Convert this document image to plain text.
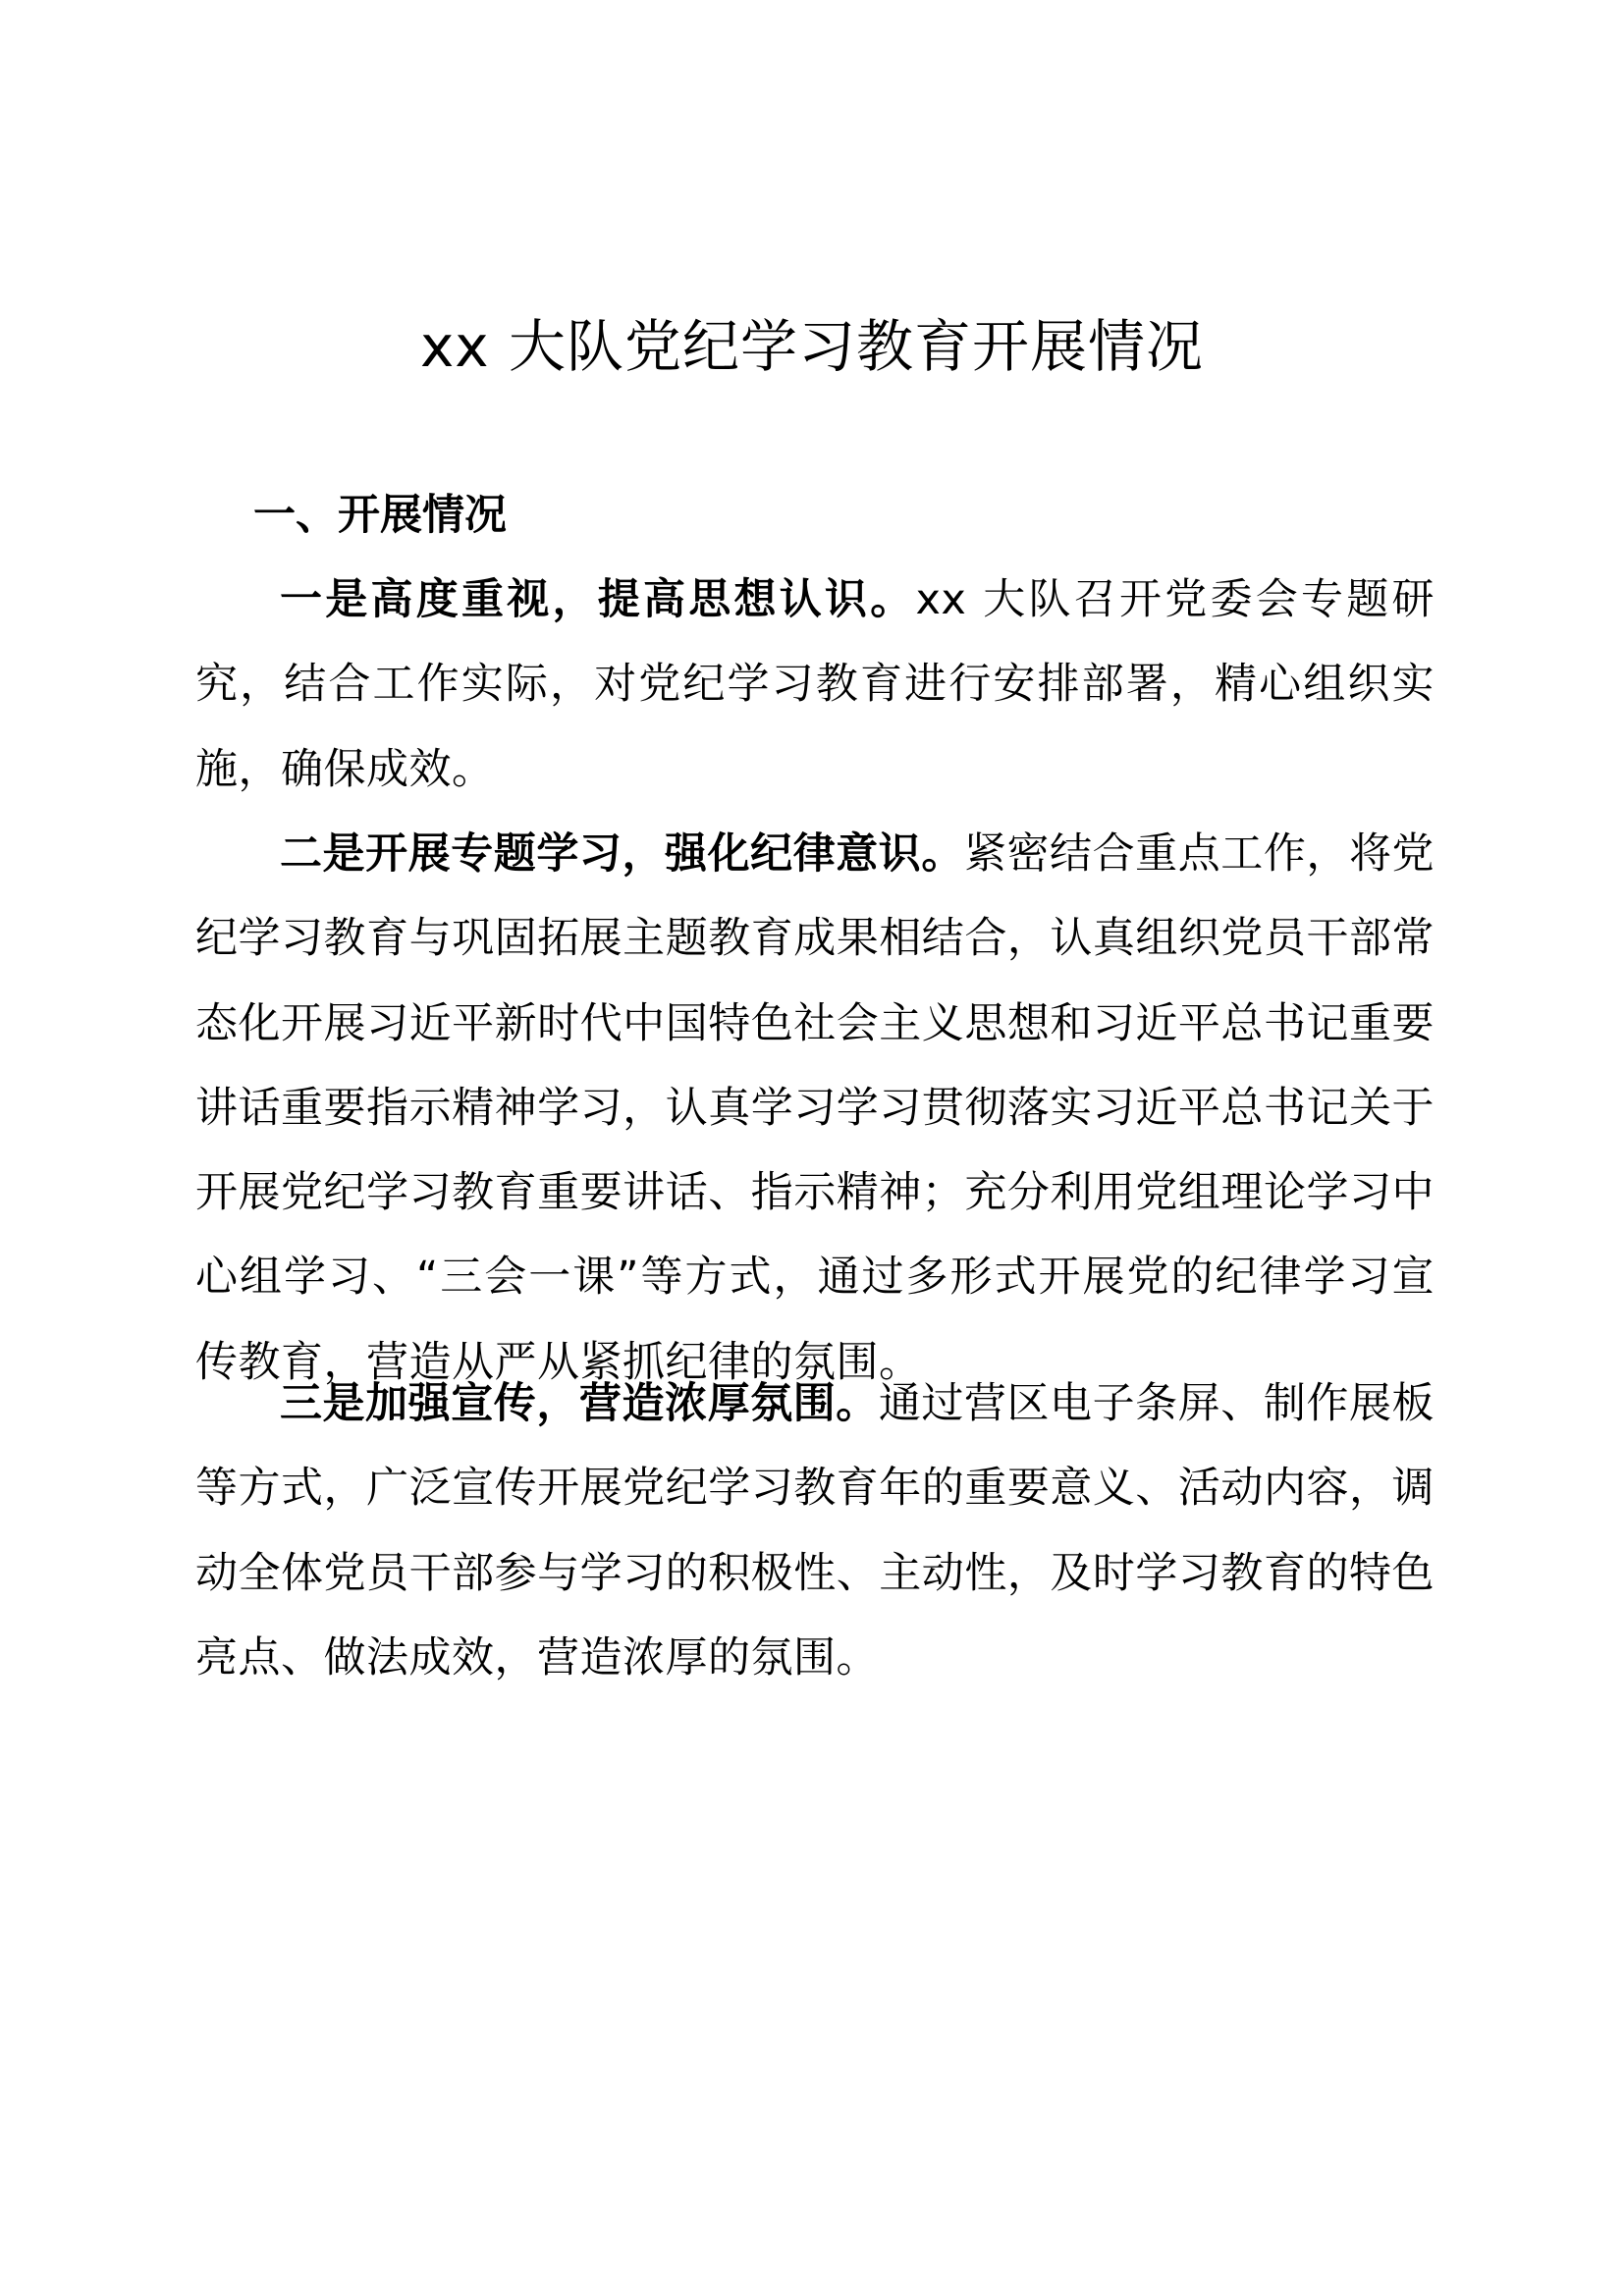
xx 大队党纪学习教育开展情况
一、开展情况

一是高度重视，提高思想认识。xx 大队召开党委会专题研究，结合工作实际，对党纪学习教育进行安排部署，精心组织实施，确保成效。

二是开展专题学习，强化纪律意识。紧密结合重点工作，将党纪学习教育与巩固拓展主题教育成果相结合，认真组织党员干部常态化开展习近平新时代中国特色社会主义思想和习近平总书记重要讲话重要指示精神学习，认真学习学习贯彻落实习近平总书记关于开展党纪学习教育重要讲话、指示精神；充分利用党组理论学习中心组学习、“三会一课”等方式，通过多形式开展党的纪律学习宣传教育，营造从严从紧抓纪律的氛围。

三是加强宣传，营造浓厚氛围。通过营区电子条屏、制作展板等方式，广泛宣传开展党纪学习教育年的重要意义、活动内容，调动全体党员干部参与学习的积极性、主动性，及时学习教育的特色亮点、做法成效，营造浓厚的氛围。
